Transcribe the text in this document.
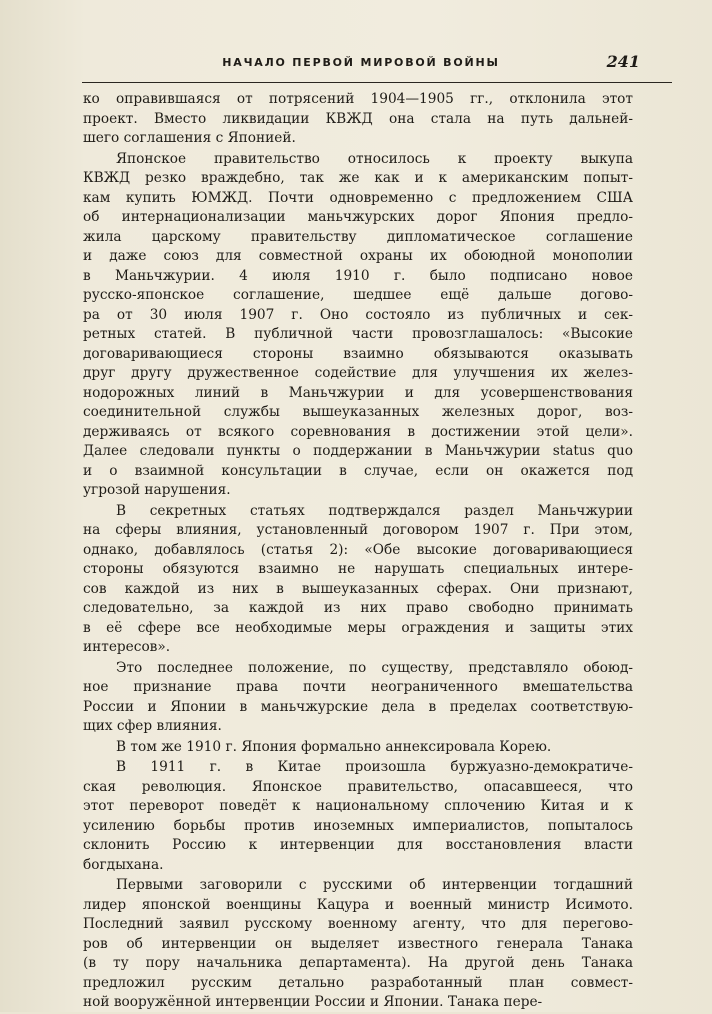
НАЧАЛО ПЕРВОЙ МИРОВОЙ ВОЙНЫ	241
ко оправившаяся от потрясений 1904—1905 гг., отклонила этот
проект. Вместо ликвидации КВЖД она стала на путь дальней-
шего соглашения с Японией.
Японское правительство относилось к проекту выкупа
КВЖД резко враждебно, так же как и к американским попыт-
кам купить ЮМЖД. Почти одновременно с предложением США
об интернационализации маньчжурских дорог Япония предло-
жила царскому правительству дипломатическое соглашение
и даже союз для совместной охраны их обоюдной монополии
в Маньчжурии. 4 июля 1910 г. было подписано новое
русско-японское соглашение, шедшее ещё дальше догово-
ра от 30 июля 1907 г. Оно состояло из публичных и сек-
ретных статей. В публичной части провозглашалось: «Высокие
договаривающиеся стороны взаимно обязываются оказывать
друг другу дружественное содействие для улучшения их желез-
нодорожных линий в Маньчжурии и для усовершенствования
соединительной службы вышеуказанных железных дорог, воз-
держиваясь от всякого соревнования в достижении этой цели».
Далее следовали пункты о поддержании в Маньчжурии status quo
и о взаимной консультации в случае, если он окажется под
угрозой нарушения.
В секретных статьях подтверждался раздел Маньчжурии
на сферы влияния, установленный договором 1907 г. При этом,
однако, добавлялось (статья 2): «Обе высокие договаривающиеся
стороны обязуются взаимно не нарушать специальных интере-
сов каждой из них в вышеуказанных сферах. Они признают,
следовательно, за каждой из них право свободно принимать
в её сфере все необходимые меры ограждения и защиты этих
интересов».
Это последнее положение, по существу, представляло обоюд-
ное признание права почти неограниченного вмешательства
России и Японии в маньчжурские дела в пределах соответствую-
щих сфер влияния.
В том же 1910 г. Япония формально аннексировала Корею.
В 1911 г. в Китае произошла буржуазно-демократиче-
ская революция. Японское правительство, опасавшееся, что
этот переворот поведёт к национальному сплочению Китая и к
усилению борьбы против иноземных империалистов, попыталось
склонить Россию к интервенции для восстановления власти
богдыхана.
Первыми заговорили с русскими об интервенции тогдашний
лидер японской военщины Кацура и военный министр Исимото.
Последний заявил русскому военному агенту, что для перегово-
ров об интервенции он выделяет известного генерала Танака
(в ту пору начальника департамента). На другой день Танака
предложил русским детально разработанный план совмест-
ной вооружённой интервенции России и Японии. Танака пере-
